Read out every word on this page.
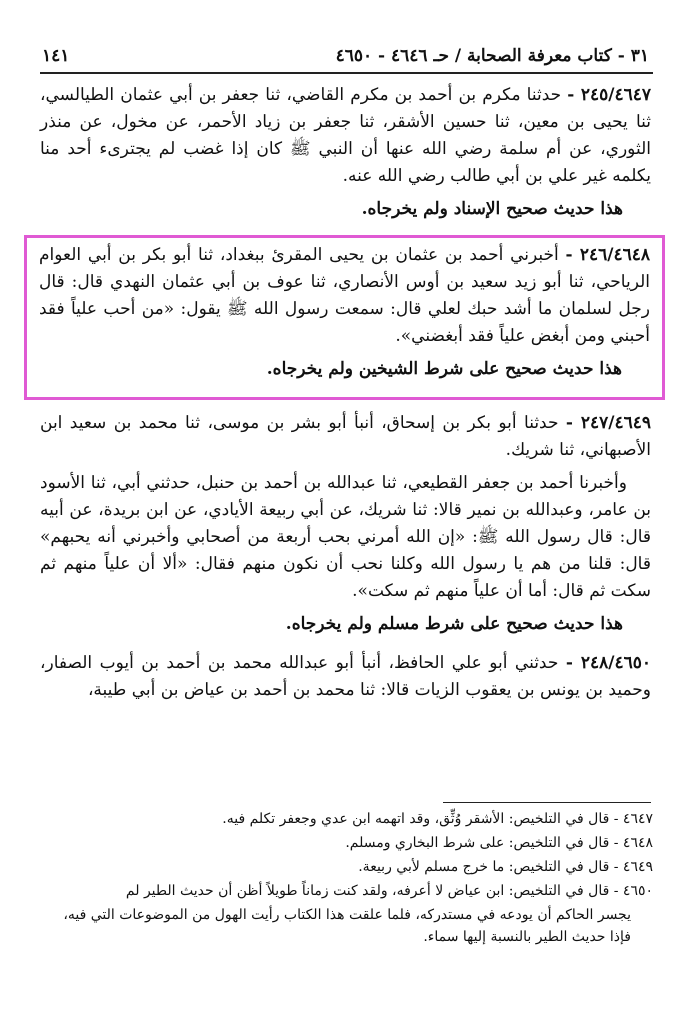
٣١ - كتاب معرفة الصحابة / حـ ٤٦٤٦ - ٤٦٥٠
١٤١

٢٤٥/٤٦٤٧ - حدثنا مكرم بن أحمد بن مكرم القاضي، ثنا جعفر بن أبي عثمان الطيالسي، ثنا يحيى بن معين، ثنا حسين الأشقر، ثنا جعفر بن زياد الأحمر، عن مخول، عن منذر الثوري، عن أم سلمة رضي الله عنها أن النبي ﷺ كان إذا غضب لم يجترىء أحد منا يكلمه غير علي بن أبي طالب رضي الله عنه.

هذا حديث صحيح الإسناد ولم يخرجاه.

٢٤٦/٤٦٤٨ - أخبرني أحمد بن عثمان بن يحيى المقرئ ببغداد، ثنا أبو بكر بن أبي العوام الرياحي، ثنا أبو زيد سعيد بن أوس الأنصاري، ثنا عوف بن أبي عثمان النهدي قال: قال رجل لسلمان ما أشد حبك لعلي قال: سمعت رسول الله ﷺ يقول: «من أحب علياً فقد أحبني ومن أبغض علياً فقد أبغضني».

هذا حديث صحيح على شرط الشيخين ولم يخرجاه.

٢٤٧/٤٦٤٩ - حدثنا أبو بكر بن إسحاق، أنبأ أبو بشر بن موسى، ثنا محمد بن سعيد ابن الأصبهاني، ثنا شريك.

وأخبرنا أحمد بن جعفر القطيعي، ثنا عبدالله بن أحمد بن حنبل، حدثني أبي، ثنا الأسود بن عامر، وعبدالله بن نمير قالا: ثنا شريك، عن أبي ربيعة الأيادي، عن ابن بريدة، عن أبيه قال: قال رسول الله ﷺ: «إن الله أمرني بحب أربعة من أصحابي وأخبرني أنه يحبهم» قال: قلنا من هم يا رسول الله وكلنا نحب أن نكون منهم فقال: «ألا أن علياً منهم ثم سكت ثم قال: أما أن علياً منهم ثم سكت».

هذا حديث صحيح على شرط مسلم ولم يخرجاه.

٢٤٨/٤٦٥٠ - حدثني أبو علي الحافظ، أنبأ أبو عبدالله محمد بن أحمد بن أيوب الصفار، وحميد بن يونس بن يعقوب الزيات قالا: ثنا محمد بن أحمد بن عياض بن أبي طيبة،

٤٦٤٧ - قال في التلخيص: الأشقر وُثِّق، وقد اتهمه ابن عدي وجعفر تكلم فيه.

٤٦٤٨ - قال في التلخيص: على شرط البخاري ومسلم.

٤٦٤٩ - قال في التلخيص: ما خرج مسلم لأبي ربيعة.

٤٦٥٠ - قال في التلخيص: ابن عياض لا أعرفه، ولقد كنت زماناً طويلاً أظن أن حديث الطير لم

يجسر الحاكم أن يودعه في مستدركه، فلما علقت هذا الكتاب رأيت الهول من الموضوعات التي فيه، فإذا حديث الطير بالنسبة إليها سماء.
